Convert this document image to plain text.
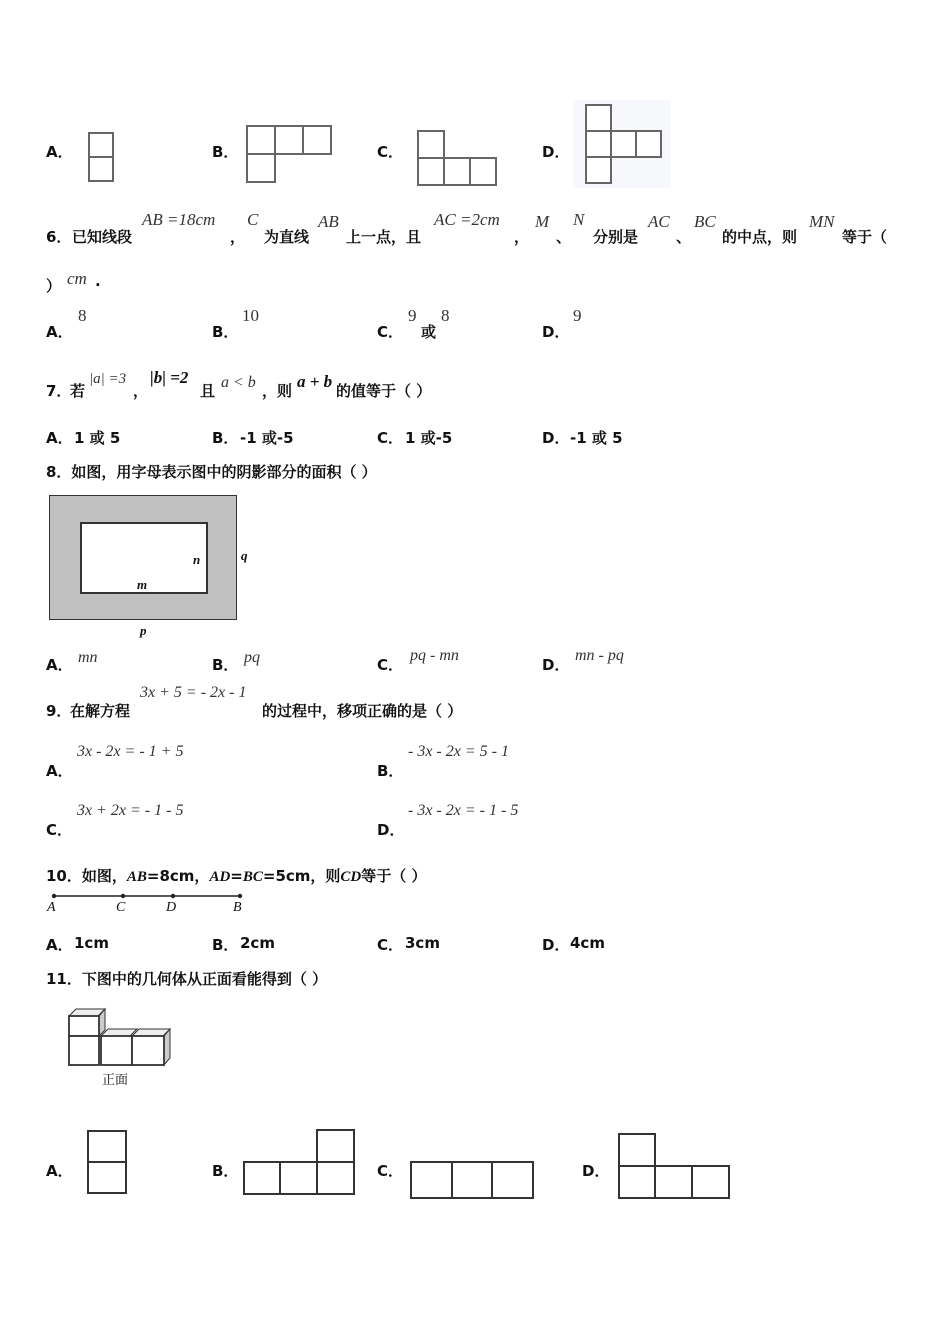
A．	B．	C．	D．
6． 已知线段
AB =18cm
，
C
为直线
AB
上一点，且
AC =2cm
，
M
、
N
分别是
AC
、
BC
的中点，则
MN
等于（
） cm .
A．
8
B．
10
C．
9
或
8
D．
9
7．
若
|a| =3
，
|b| =2
且 a < b ，则 a + b 的值等于（ ）
A． 1 或 5	B． -1 或-5	C． 1 或-5	D． -1 或 5
8．如图，用字母表示图中的阴影部分的面积（ ）
n
m
q
p
A． mn	B． pq	C．
pq - mn
D．
mn - pq
9．
在解方程
3x + 5 = - 2x - 1
的过程中，移项正确的是（ ）
A．
3x - 2x = - 1 + 5
B．
- 3x - 2x = 5 - 1
C．
3x + 2x = - 1 - 5
D．
- 3x - 2x = - 1 - 5
10．如图，AB=8cm，AD=BC=5cm，则CD等于（ ）
A	C	D	B
A． 1cm	B． 2cm	C． 3cm	D． 4cm
11．下图中的几何体从正面看能得到（ ）
正面
A．	B．	C．	D．
